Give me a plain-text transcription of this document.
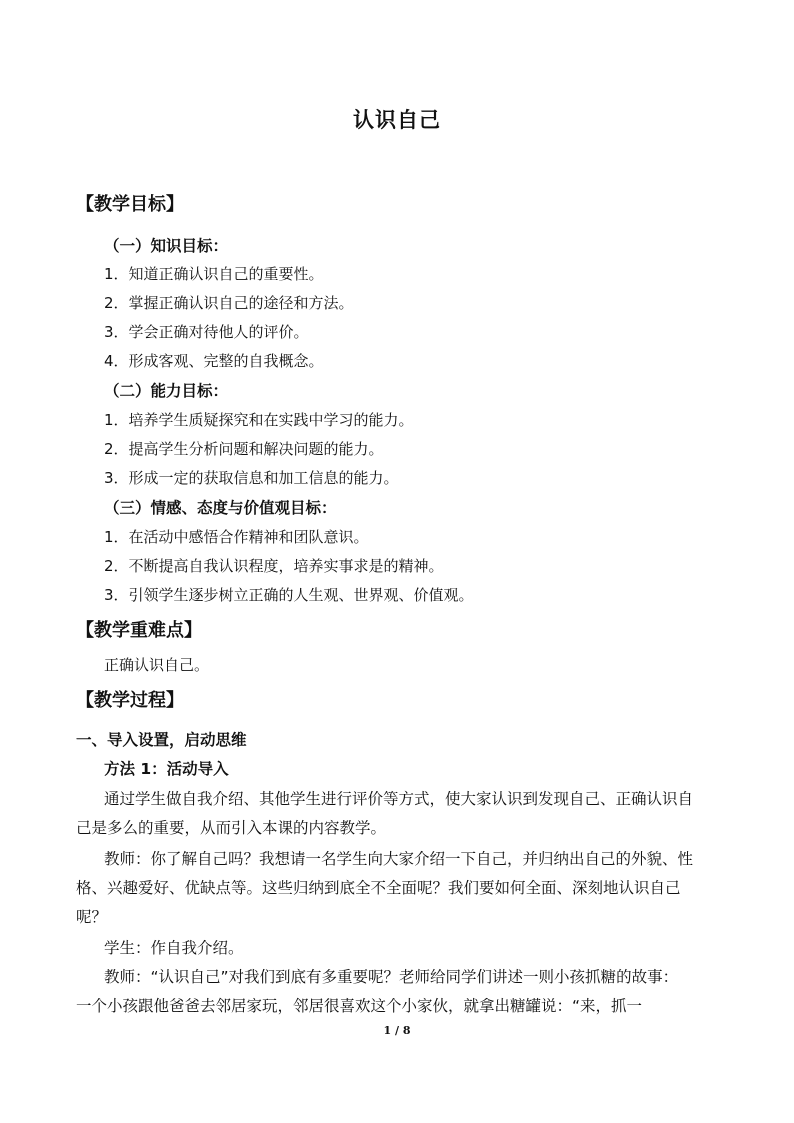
认识自己
【教学目标】
（一）知识目标：
1．知道正确认识自己的重要性。
2．掌握正确认识自己的途径和方法。
3．学会正确对待他人的评价。
4．形成客观、完整的自我概念。
（二）能力目标：
1．培养学生质疑探究和在实践中学习的能力。
2．提高学生分析问题和解决问题的能力。
3．形成一定的获取信息和加工信息的能力。
（三）情感、态度与价值观目标：
1．在活动中感悟合作精神和团队意识。
2．不断提高自我认识程度，培养实事求是的精神。
3．引领学生逐步树立正确的人生观、世界观、价值观。
【教学重难点】
正确认识自己。
【教学过程】
一、导入设置，启动思维
方法 1：活动导入
通过学生做自我介绍、其他学生进行评价等方式，使大家认识到发现自己、正确认识自
己是多么的重要，从而引入本课的内容教学。
教师：你了解自己吗？我想请一名学生向大家介绍一下自己，并归纳出自己的外貌、性
格、兴趣爱好、优缺点等。这些归纳到底全不全面呢？我们要如何全面、深刻地认识自己
呢？
学生：作自我介绍。
教师：“认识自己”对我们到底有多重要呢？老师给同学们讲述一则小孩抓糖的故事：
一个小孩跟他爸爸去邻居家玩，邻居很喜欢这个小家伙，就拿出糖罐说：“来，抓一
1 / 8
